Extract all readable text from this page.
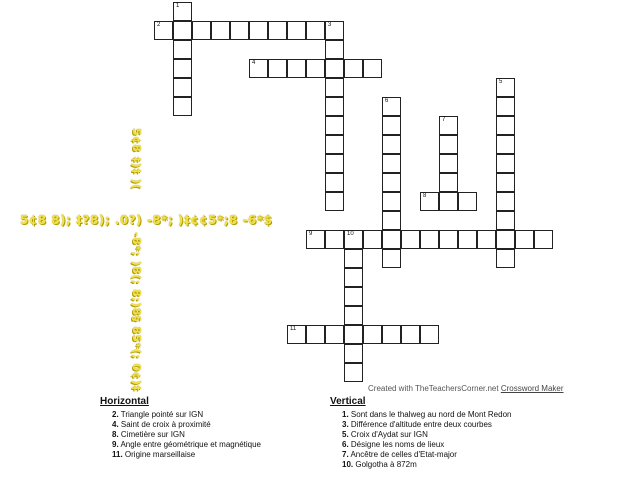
1
2	3
4
5
6
7
8
9	10
11
5¢8 8); ‡?8); .0?) -8*; )‡¢¢5*;8 -6*$
5¢8 ‡)‡ )(
-8*; )8(; 8;)8§ 85*(; 0¢)‡	Created with TheTeachersCorner.net Crossword Maker
Horizontal
2. Triangle pointé sur IGN
4. Saint de croix à proximité
8. Cimetière sur IGN
9. Angle entre géométrique et magnétique
11. Origine marseillaise
Vertical
1. Sont dans le thalweg au nord de Mont Redon
3. Différence d'altitude entre deux courbes
5. Croix d'Aydat sur IGN
6. Désigne les noms de lieux
7. Ancêtre de celles d'Etat-major
10. Golgotha à 872m
